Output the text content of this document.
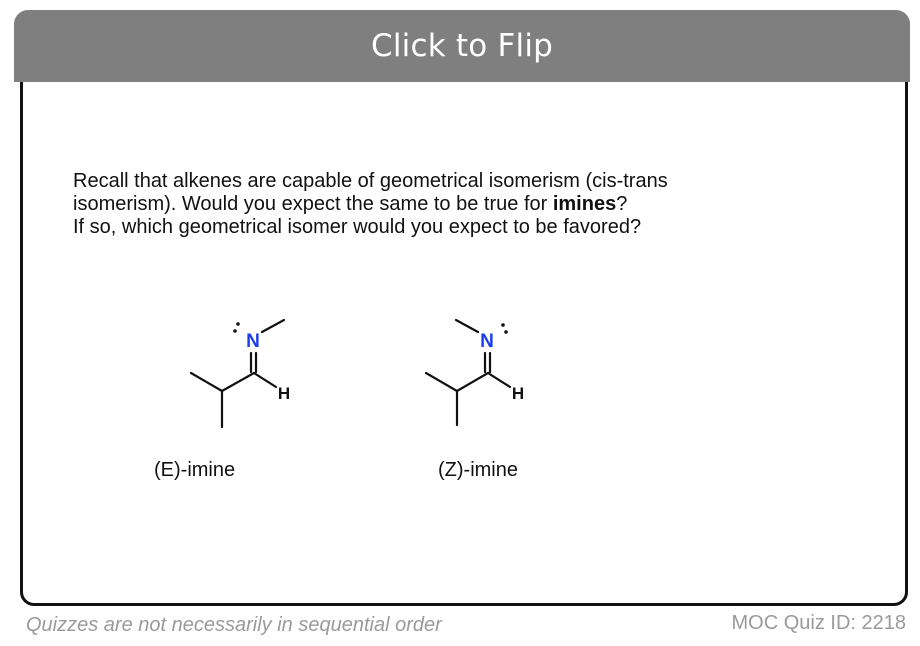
Recall that alkenes are capable of geometrical isomerism (cis-trans
isomerism). Would you expect the same to be true for imines?
If so, which geometrical isomer would you expect to be favored?
Click to Flip
N
H
(E)-imine
N
H
(Z)-imine
Quizzes are not necessarily in sequential order	MOC Quiz ID: 2218
